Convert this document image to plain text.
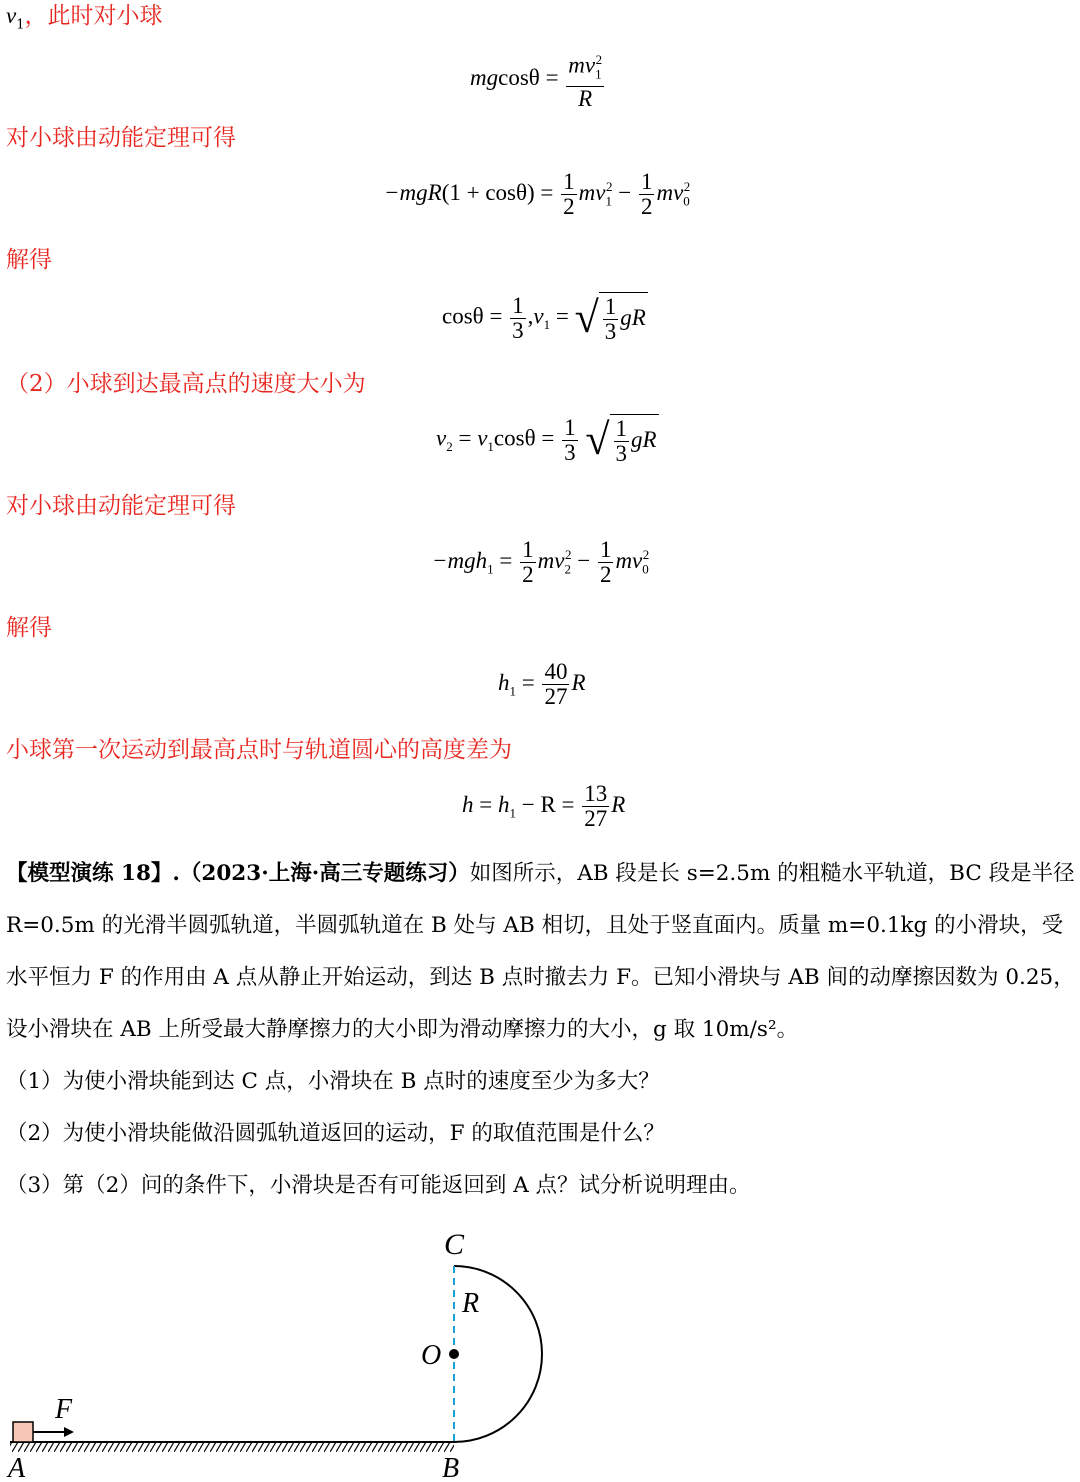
$v_1$，此时对小球
$mgcos\theta = \frac{mv_1^2}{R}$
对小球由动能定理可得
$-mgR(1 + \cos\theta) = \frac{1}{2} mv_1^2 - \frac{1}{2} mv_0^2$
解得
$\cos\theta = \frac{1}{3} ,v_1$ = √ $\frac{1}{3}$ gR
（2）小球到达最高点的速度大小为
$v_2 = v_1\cos\theta = \frac{1}{3}$ √ $\frac{1}{3}$ gR
对小球由动能定理可得
$-mgh_1 = \frac{1}{2} mv_2^2 - \frac{1}{2} mv_0^2$
解得
$h_1 = \frac{40}{27}$ R
小球第一次运动到最高点时与轨道圆心的高度差为
$h = h_1 - R = \frac{13}{27}$ R

【模型演练 18】.（2023·上海·高三专题练习）如图所示，AB 段是长 s=2.5m 的粗糙水平轨道，BC 段是半径

R=0.5m 的光滑半圆弧轨道，半圆弧轨道在 B 处与 AB 相切，且处于竖直面内。质量 m=0.1kg 的小滑块，受

水平恒力 F 的作用由 A 点从静止开始运动，到达 B 点时撤去力 F。已知小滑块与 AB 间的动摩擦因数为 0.25，

设小滑块在 AB 上所受最大静摩擦力的大小即为滑动摩擦力的大小，g 取 10m/s²。

（1）为使小滑块能到达 C 点，小滑块在 B 点时的速度至少为多大？

（2）为使小滑块能做沿圆弧轨道返回的运动，F 的取值范围是什么？

（3）第（2）问的条件下，小滑块是否有可能返回到 A 点？试分析说明理由。

C
R
O
F
A	B
